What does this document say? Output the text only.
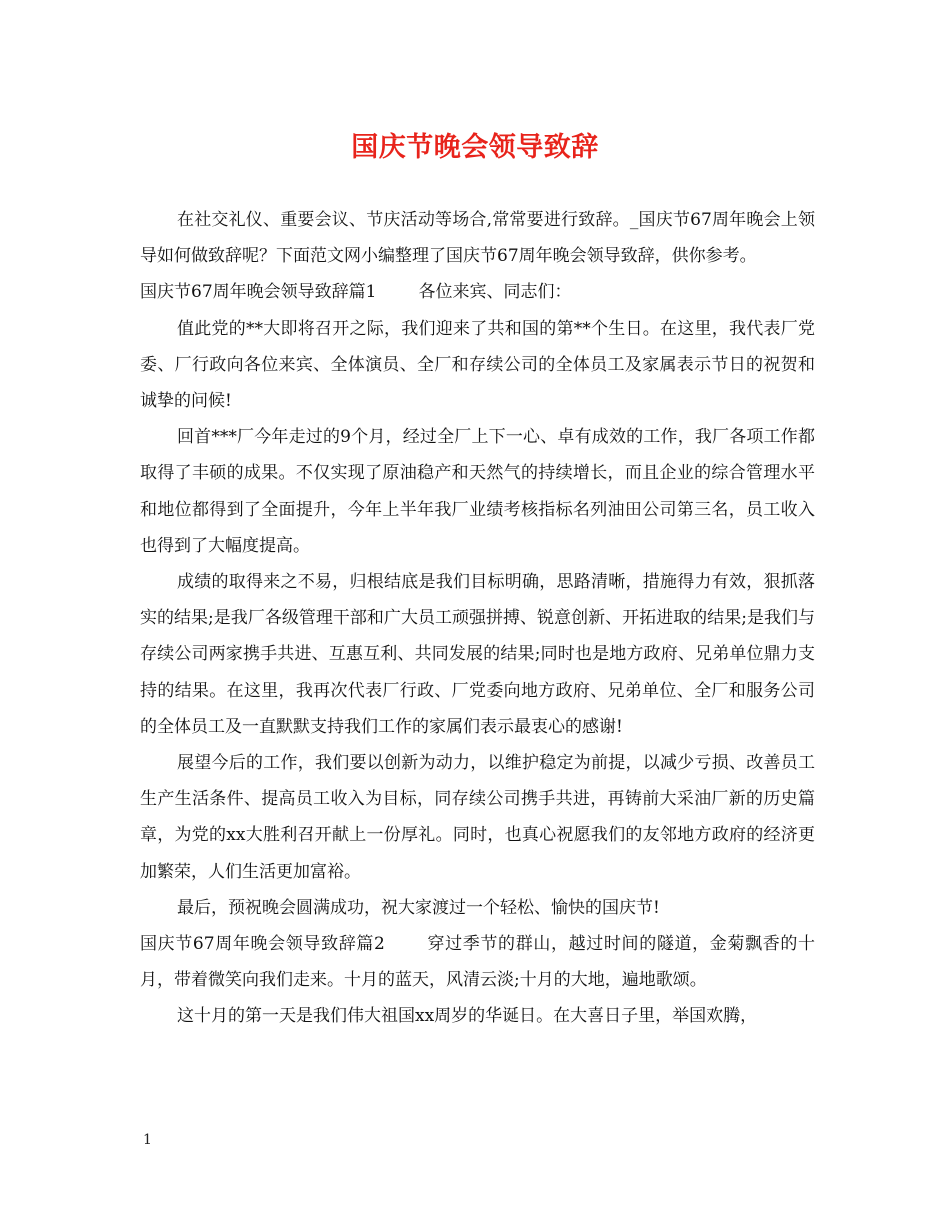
国庆节晚会领导致辞

在社交礼仪、重要会议、节庆活动等场合,常常要进行致辞。_国庆节67周年晚会上领导如何做致辞呢？下面范文网小编整理了国庆节67周年晚会领导致辞，供你参考。

国庆节67周年晚会领导致辞篇1 各位来宾、同志们：

值此党的**大即将召开之际，我们迎来了共和国的第**个生日。在这里，我代表厂党委、厂行政向各位来宾、全体演员、全厂和存续公司的全体员工及家属表示节日的祝贺和诚挚的问候!

回首***厂今年走过的9个月，经过全厂上下一心、卓有成效的工作，我厂各项工作都取得了丰硕的成果。不仅实现了原油稳产和天然气的持续增长，而且企业的综合管理水平和地位都得到了全面提升，今年上半年我厂业绩考核指标名列油田公司第三名，员工收入也得到了大幅度提高。

成绩的取得来之不易，归根结底是我们目标明确，思路清晰，措施得力有效，狠抓落实的结果;是我厂各级管理干部和广大员工顽强拼搏、锐意创新、开拓进取的结果;是我们与存续公司两家携手共进、互惠互利、共同发展的结果;同时也是地方政府、兄弟单位鼎力支持的结果。在这里，我再次代表厂行政、厂党委向地方政府、兄弟单位、全厂和服务公司的全体员工及一直默默支持我们工作的家属们表示最衷心的感谢!

展望今后的工作，我们要以创新为动力，以维护稳定为前提，以减少亏损、改善员工生产生活条件、提高员工收入为目标，同存续公司携手共进，再铸前大采油厂新的历史篇章，为党的xx大胜利召开献上一份厚礼。同时，也真心祝愿我们的友邻地方政府的经济更加繁荣，人们生活更加富裕。

最后，预祝晚会圆满成功，祝大家渡过一个轻松、愉快的国庆节!

国庆节67周年晚会领导致辞篇2 穿过季节的群山，越过时间的隧道，金菊飘香的十月，带着微笑向我们走来。十月的蓝天，风清云淡;十月的大地，遍地歌颂。

这十月的第一天是我们伟大祖国xx周岁的华诞日。在大喜日子里，举国欢腾，

1
